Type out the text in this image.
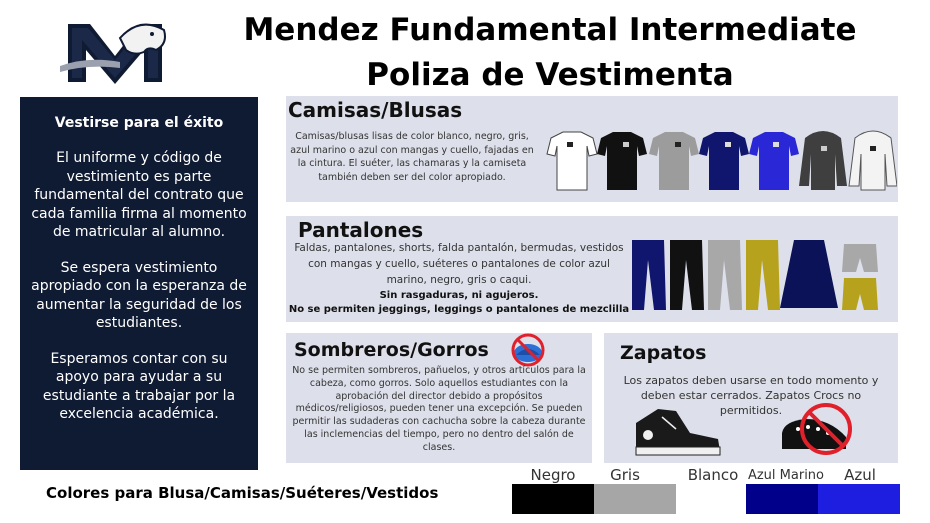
Mendez Fundamental Intermediate
Poliza de Vestimenta
Vestirse para el éxito

El uniforme y código de vestimiento es parte fundamental del contrato que cada familia firma al momento de matricular al alumno.

Se espera vestimiento apropiado con la esperanza de aumentar la seguridad de los estudiantes.

Esperamos contar con su apoyo para ayudar a su estudiante a trabajar por la excelencia académica.

Camisas/Blusas
Camisas/blusas lisas de color blanco, negro, gris, azul marino o azul con mangas y cuello, fajadas en la cintura. El suéter, las chamaras y la camiseta también deben ser del color apropiado.
Pantalones
Faldas, pantalones, shorts, falda pantalón, bermudas, vestidos con mangas y cuello, suéteres o pantalones de color azul marino, negro, gris o caqui.
Sin rasgaduras, ni agujeros.
No se permiten jeggings, leggings o pantalones de mezclilla
Sombreros/Gorros
No se permiten sombreros, pañuelos, y otros artículos para la cabeza, como gorros. Solo aquellos estudiantes con la aprobación del director debido a propósitos médicos/religiosos, pueden tener una excepción. Se pueden permitir las sudaderas con cachucha sobre la cabeza durante las inclemencias del tiempo, pero no dentro del salón de clases.
Zapatos
Los zapatos deben usarse en todo momento y deben estar cerrados. Zapatos Crocs no permitidos.
Colores para Blusa/Camisas/Suéteres/Vestidos
Negro	Gris	Blanco Azul Marino	Azul
